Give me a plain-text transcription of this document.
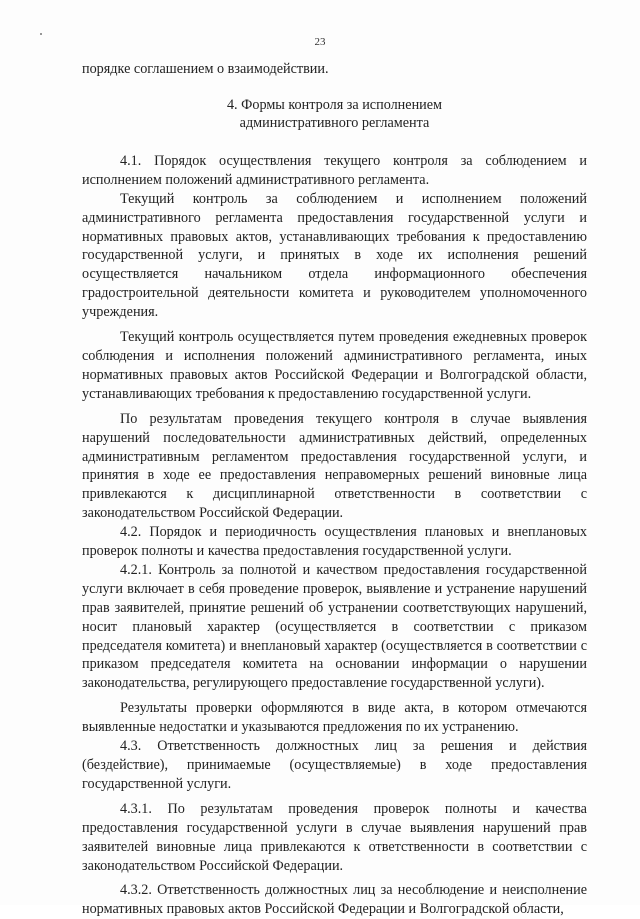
23

порядке соглашением о взаимодействии.

4. Формы контроля за исполнением
административного регламента

4.1. Порядок осуществления текущего контроля за соблюдением и исполнением положений административного регламента.

Текущий контроль за соблюдением и исполнением положений административного регламента предоставления государственной услуги и нормативных правовых актов, устанавливающих требования к предоставлению государственной услуги, и принятых в ходе их исполнения решений осуществляется начальником отдела информационного обеспечения градостроительной деятельности комитета и руководителем уполномоченного учреждения.

Текущий контроль осуществляется путем проведения ежедневных проверок соблюдения и исполнения положений административного регламента, иных нормативных правовых актов Российской Федерации и Волгоградской области, устанавливающих требования к предоставлению государственной услуги.

По результатам проведения текущего контроля в случае выявления нарушений последовательности административных действий, определенных административным регламентом предоставления государственной услуги, и принятия в ходе ее предоставления неправомерных решений виновные лица привлекаются к дисциплинарной ответственности в соответствии с законодательством Российской Федерации.

4.2. Порядок и периодичность осуществления плановых и внеплановых проверок полноты и качества предоставления государственной услуги.

4.2.1. Контроль за полнотой и качеством предоставления государственной услуги включает в себя проведение проверок, выявление и устранение нарушений прав заявителей, принятие решений об устранении соответствующих нарушений, носит плановый характер (осуществляется в соответствии с приказом председателя комитета) и внеплановый характер (осуществляется в соответствии с приказом председателя комитета на основании информации о нарушении законодательства, регулирующего предоставление государственной услуги).

Результаты проверки оформляются в виде акта, в котором отмечаются выявленные недостатки и указываются предложения по их устранению.

4.3. Ответственность должностных лиц за решения и действия (бездействие), принимаемые (осуществляемые) в ходе предоставления государственной услуги.

4.3.1. По результатам проведения проверок полноты и качества предоставления государственной услуги в случае выявления нарушений прав заявителей виновные лица привлекаются к ответственности в соответствии с законодательством Российской Федерации.

4.3.2. Ответственность должностных лиц за несоблюдение и неисполнение нормативных правовых актов Российской Федерации и Волгоградской области,
